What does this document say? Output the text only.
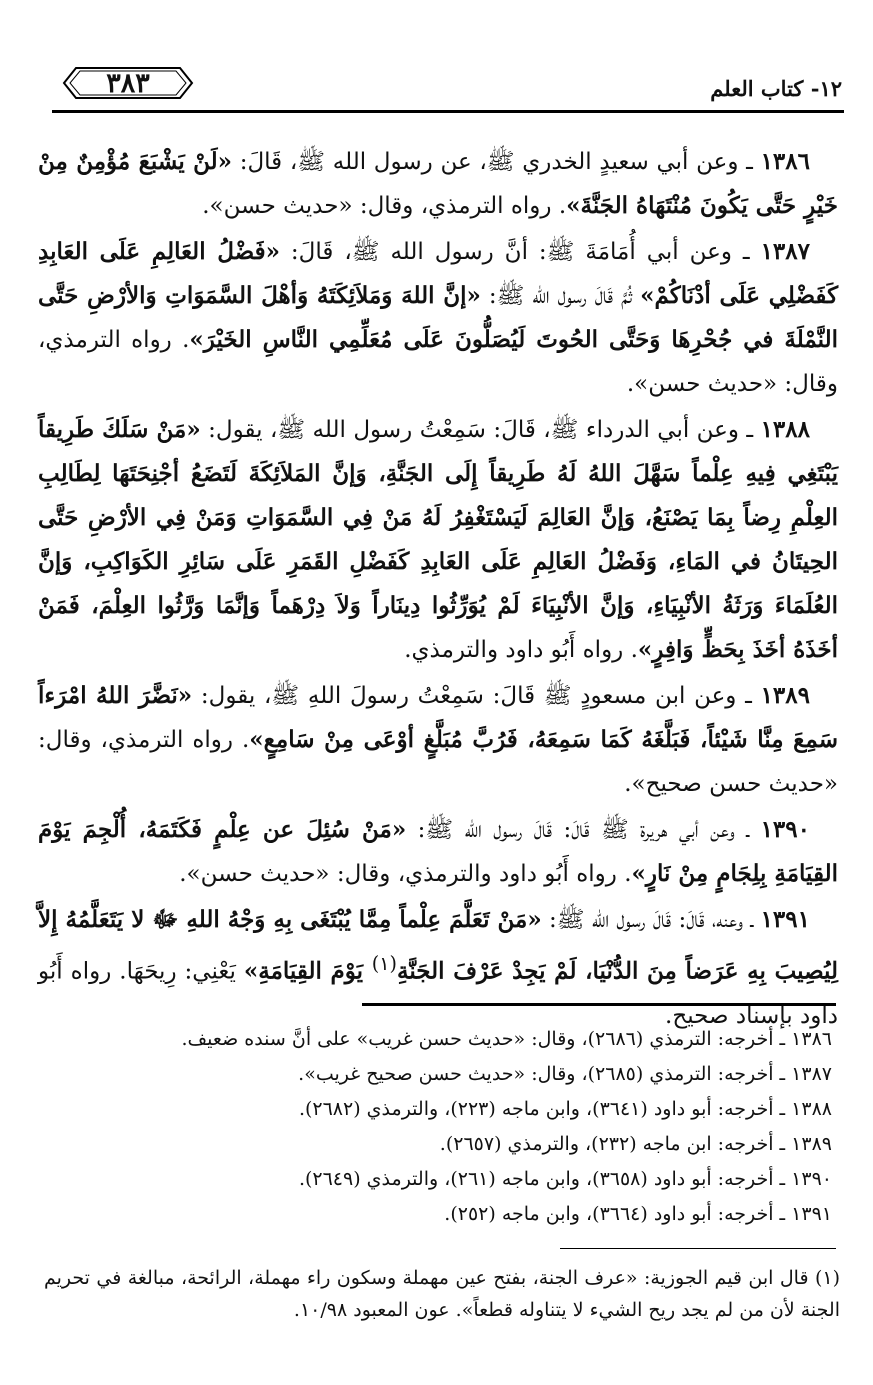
٣٨٣	١٢- كتاب العلم

١٣٨٦ ـ وعن أبي سعيدٍ الخدري ﷺ، عن رسول الله ﷺ، قَالَ: «لَنْ يَشْبَعَ مُؤْمِنٌ مِنْ خَيْرٍ حَتَّى يَكُونَ مُنْتَهَاهُ الجَنَّةَ». رواه الترمذي، وقال: «حديث حسن».

١٣٨٧ ـ وعن أبي أُمَامَةَ ﷺ: أنَّ رسول الله ﷺ، قَالَ: «فَضْلُ العَالِمِ عَلَى العَابِدِ كَفَضْلِي عَلَى أدْنَاكُمْ» ثُمَّ قَالَ رسول الله ﷺ: «إنَّ اللهَ وَمَلاَئِكَتَهُ وَأهْلَ السَّمَوَاتِ وَالأرْضِ حَتَّى النَّمْلَةَ في جُحْرِهَا وَحَتَّى الحُوتَ لَيُصَلُّونَ عَلَى مُعَلِّمِي النَّاسِ الخَيْرَ». رواه الترمذي، وقال: «حديث حسن».

١٣٨٨ ـ وعن أبي الدرداء ﷺ، قَالَ: سَمِعْتُ رسول الله ﷺ، يقول: «مَنْ سَلَكَ طَرِيقاً يَبْتَغِي فِيهِ عِلْماً سَهَّلَ اللهُ لَهُ طَرِيقاً إِلَى الجَنَّةِ، وَإنَّ المَلاَئِكَةَ لَتَضَعُ أجْنِحَتَهَا لِطَالِبِ العِلْمِ رِضاً بِمَا يَصْنَعُ، وَإنَّ العَالِمَ لَيَسْتَغْفِرُ لَهُ مَنْ فِي السَّمَوَاتِ وَمَنْ فِي الأرْضِ حَتَّى الحِيتَانُ في المَاءِ، وَفَضْلُ العَالِمِ عَلَى العَابِدِ كَفَضْلِ القَمَرِ عَلَى سَائِرِ الكَوَاكِبِ، وَإنَّ العُلَمَاءَ وَرَثَةُ الأنْبِيَاءِ، وَإنَّ الأنْبِيَاءَ لَمْ يُوَرِّثُوا دِينَاراً وَلاَ دِرْهَماً وَإنَّمَا وَرَّثُوا العِلْمَ، فَمَنْ أخَذَهُ أخَذَ بِحَظٍّ وَافِرٍ». رواه أَبُو داود والترمذي.

١٣٨٩ ـ وعن ابن مسعودٍ ﷺ قَالَ: سَمِعْتُ رسولَ اللهِ ﷺ، يقول: «نَضَّرَ اللهُ امْرَءاً سَمِعَ مِنَّا شَيْئاً، فَبَلَّغَهُ كَمَا سَمِعَهُ، فَرُبَّ مُبَلَّغٍ أوْعَى مِنْ سَامِعٍ». رواه الترمذي، وقال: «حديث حسن صحيح».

١٣٩٠ ـ وعن أبي هريرة ﷺ قَالَ: قَالَ رسول الله ﷺ: «مَنْ سُئِلَ عن عِلْمٍ فَكَتَمَهُ، أُلْجِمَ يَوْمَ القِيَامَةِ بِلِجَامٍ مِنْ نَارٍ». رواه أَبُو داود والترمذي، وقال: «حديث حسن».

١٣٩١ ـ وعنه، قَالَ: قَالَ رسول الله ﷺ: «مَنْ تَعَلَّمَ عِلْماً مِمَّا يُبْتَغَى بِهِ وَجْهُ اللهِ ﷻ لا يَتَعَلَّمُهُ إِلاَّ لِيُصِيبَ بِهِ عَرَضاً مِنَ الدُّنْيَا، لَمْ يَجِدْ عَرْفَ الجَنَّةِ$^{(١)}$ يَوْمَ القِيَامَةِ» يَعْنِي: رِيحَهَا. رواه أَبُو داود بإسناد صحيح.

١٣٨٦ ـ أخرجه: الترمذي (٢٦٨٦)، وقال: «حديث حسن غريب» على أنَّ سنده ضعيف.
١٣٨٧ ـ أخرجه: الترمذي (٢٦٨٥)، وقال: «حديث حسن صحيح غريب».
١٣٨٨ ـ أخرجه: أبو داود (٣٦٤١)، وابن ماجه (٢٢٣)، والترمذي (٢٦٨٢).
١٣٨٩ ـ أخرجه: ابن ماجه (٢٣٢)، والترمذي (٢٦٥٧).
١٣٩٠ ـ أخرجه: أبو داود (٣٦٥٨)، وابن ماجه (٢٦١)، والترمذي (٢٦٤٩).
١٣٩١ ـ أخرجه: أبو داود (٣٦٦٤)، وابن ماجه (٢٥٢).
(١) قال ابن قيم الجوزية: «عرف الجنة، بفتح عين مهملة وسكون راء مهملة، الرائحة، مبالغة في تحريم الجنة لأن من لم يجد ريح الشيء لا يتناوله قطعاً». عون المعبود ١٠/٩٨.
